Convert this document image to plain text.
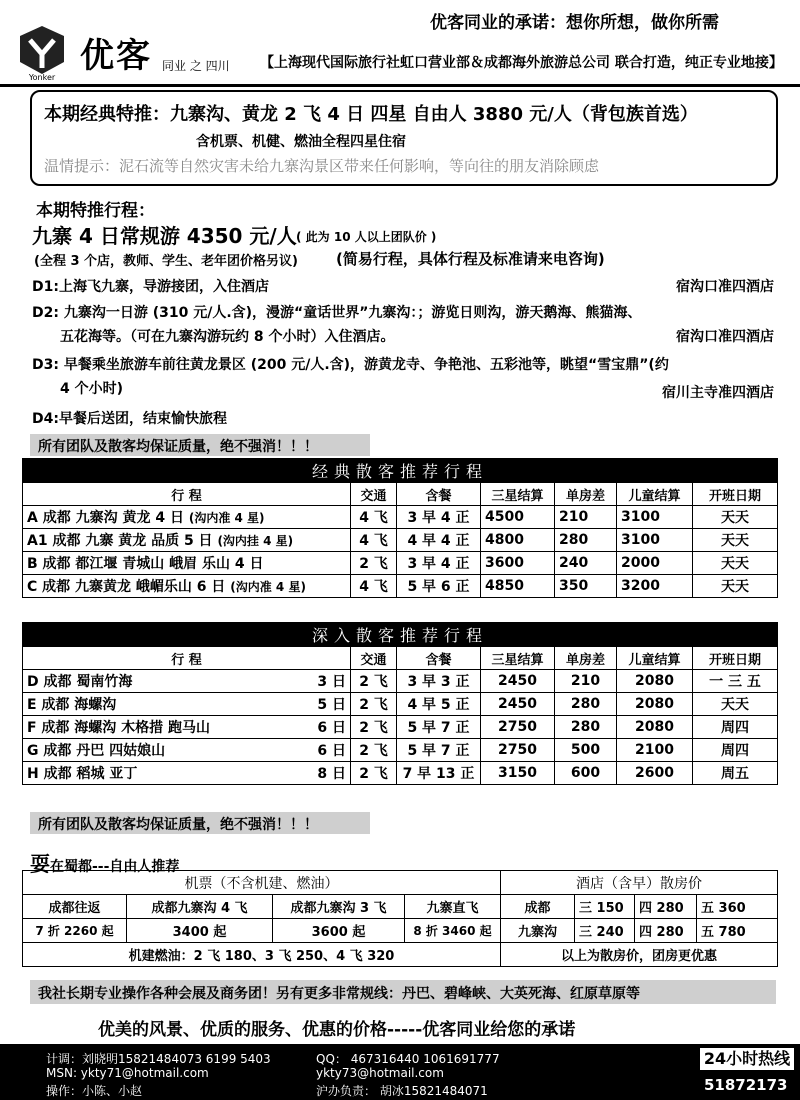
优客同业的承诺：想你所想，做你所需
Yonker
优客 同业 之 四川 【上海现代国际旅行社虹口营业部＆成都海外旅游总公司 联合打造，纯正专业地接】
本期经典特推：九寨沟、黄龙 2 飞 4 日 四星 自由人 3880 元/人（背包族首选）
含机票、机健、燃油全程四星住宿
温情提示：泥石流等自然灾害未给九寨沟景区带来任何影响，等向往的朋友消除顾虑
本期特推行程：
九寨 4 日常规游 4350 元/人 ( 此为 10 人以上团队价 )
(全程 3 个店，教师、学生、老年团价格另议)	(简易行程，具体行程及标准请来电咨询)
D1:上海飞九寨，导游接团，入住酒店	宿沟口准四酒店
D2: 九寨沟一日游 (310 元/人.含)，漫游“童话世界”九寨沟：；游览日则沟，游天鹅海、熊猫海、
五花海等。（可在九寨沟游玩约 8 个小时）入住酒店。	宿沟口准四酒店
D3: 早餐乘坐旅游车前往黄龙景区 (200 元/人.含)，游黄龙寺、争艳池、五彩池等，眺望“雪宝鼎”(约
4 个小时)	宿川主寺准四酒店
D4:早餐后送团，结束愉快旅程
所有团队及散客均保证质量，绝不强消！！！
经典散客推荐行程						
行 程	交通	含餐	三星结算	单房差	儿童结算	开班日期
A 成都 九寨沟 黄龙 4 日 (沟内准 4 星)	4 飞	3 早 4 正	4500	210	3100	天天
A1 成都 九寨 黄龙 品质 5 日 (沟内挂 4 星)	4 飞	4 早 4 正	4800	280	3100	天天
B 成都 都江堰 青城山 峨眉 乐山 4 日	2 飞	3 早 4 正	3600	240	2000	天天
C 成都 九寨黄龙 峨嵋乐山 6 日 (沟内准 4 星)	4 飞	5 早 6 正	4850	350	3200	天天
深入散客推荐行程						
行 程	交通	含餐	三星结算	单房差	儿童结算	开班日期
D 成都 蜀南竹海 3 日	2 飞	3 早 3 正	2450	210	2080	一 三 五
E 成都 海螺沟 5 日	2 飞	4 早 5 正	2450	280	2080	天天
F 成都 海螺沟 木格措 跑马山 6 日	2 飞	5 早 7 正	2750	280	2080	周四
G 成都 丹巴 四姑娘山 6 日	2 飞	5 早 7 正	2750	500	2100	周四
H 成都 稻城 亚丁 8 日	2 飞	7 早 13 正	3150	600	2600	周五
所有团队及散客均保证质量，绝不强消！！！
耍在蜀都---自由人推荐
机票（不含机建、燃油）				酒店（含早）散房价			
成都往返	成都九寨沟 4 飞	成都九寨沟 3 飞	九寨直飞	成都	三 150	四 280	五 360
7 折 2260 起	3400 起	3600 起	8 折 3460 起	九寨沟	三 240	四 280	五 780
机建燃油：2 飞 180、3 飞 250、4 飞 320				以上为散房价，团房更优惠			
我社长期专业操作各种会展及商务团！另有更多非常规线：丹巴、碧峰峡、大英死海、红原草原等
优美的风景、优质的服务、优惠的价格-----优客同业给您的承诺
计调：刘晓明15821484073 6199 5403
MSN: ykty71@hotmail.com
操作：小陈、小赵
QQ： 467316440 1061691777
ykty73@hotmail.com
沪办负责： 胡冰15821484071
24小时热线
51872173
